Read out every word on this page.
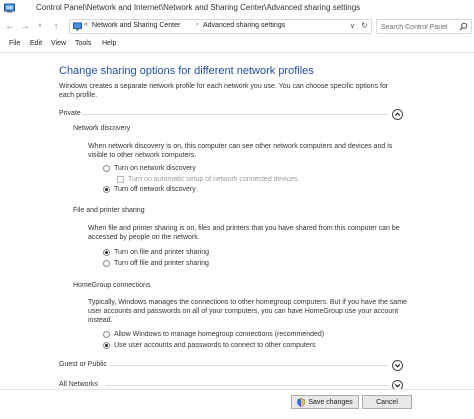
Control Panel\Network and Internet\Network and Sharing Center\Advanced sharing settings
← →	∨	↑	« Network and Sharing Center › Advanced sharing settings	∨ ↻
Search Control Panel
File Edit View Tools Help
Change sharing options for different network profiles
Windows creates a separate network profile for each network you use. You can choose specific options for each profile.
Private
Network discovery
When network discovery is on, this computer can see other network computers and devices and is visible to other network computers.
Turn on network discovery
Turn on automatic setup of network connected devices.
Turn off network discovery
File and printer sharing
When file and printer sharing is on, files and printers that you have shared from this computer can be accessed by people on the network.
Turn on file and printer sharing
Turn off file and printer sharing
HomeGroup connections
Typically, Windows manages the connections to other homegroup computers. But if you have the same user accounts and passwords on all of your computers, you can have HomeGroup use your account instead.
Allow Windows to manage homegroup connections (recommended)
Use user accounts and passwords to connect to other computers
Guest or Public
All Networks
Save changes	Cancel
